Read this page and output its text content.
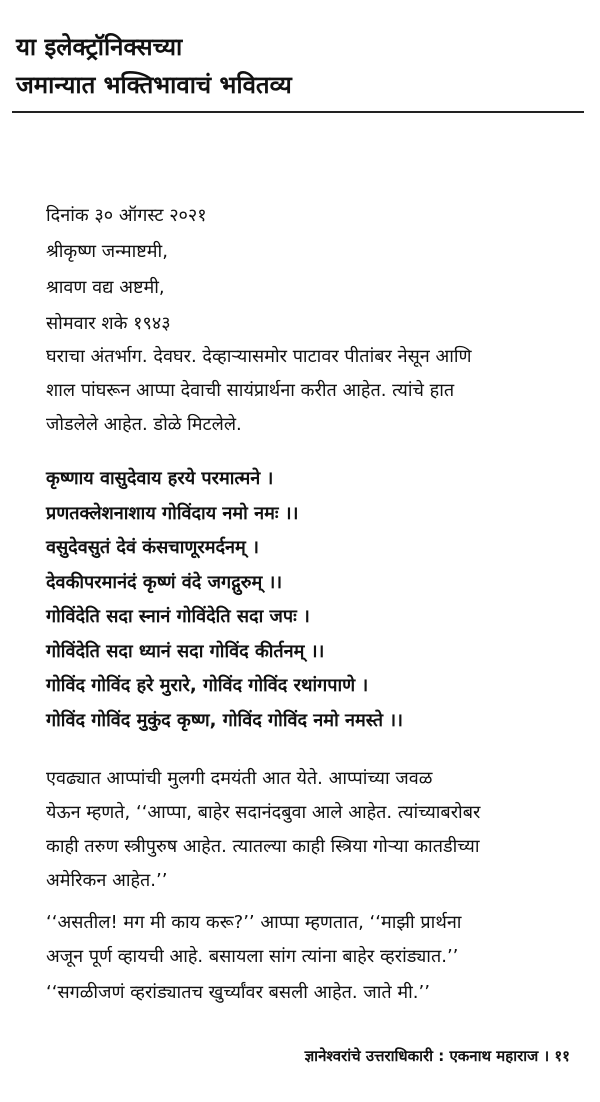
या इलेक्ट्रॉनिक्सच्या
जमान्यात भक्तिभावाचं भवितव्य
दिनांक ३० ऑगस्ट २०२१
श्रीकृष्ण जन्माष्टमी,
श्रावण वद्य अष्टमी,
सोमवार शके १९४३
घराचा अंतर्भाग. देवघर. देव्हाऱ्यासमोर पाटावर पीतांबर नेसून आणि
शाल पांघरून आप्पा देवाची सायंप्रार्थना करीत आहेत. त्यांचे हात
जोडलेले आहेत. डोळे मिटलेले.
कृष्णाय वासुदेवाय हरये परमात्मने ।
प्रणतक्लेशनाशाय गोविंदाय नमो नमः ।।
वसुदेवसुतं देवं कंसचाणूरमर्दनम् ।
देवकीपरमानंदं कृष्णं वंदे जगद्गुरुम् ।।
गोविंदेति सदा स्नानं गोविंदेति सदा जपः ।
गोविंदेति सदा ध्यानं सदा गोविंद कीर्तनम् ।।
गोविंद गोविंद हरे मुरारे, गोविंद गोविंद रथांगपाणे ।
गोविंद गोविंद मुकुंद कृष्ण, गोविंद गोविंद नमो नमस्ते ।।
एवढ्यात आप्पांची मुलगी दमयंती आत येते. आप्पांच्या जवळ
येऊन म्हणते, ‘‘आप्पा, बाहेर सदानंदबुवा आले आहेत. त्यांच्याबरोबर
काही तरुण स्त्रीपुरुष आहेत. त्यातल्या काही स्त्रिया गोऱ्या कातडीच्या
अमेरिकन आहेत.’’
‘‘असतील! मग मी काय करू?’’ आप्पा म्हणतात, ‘‘माझी प्रार्थना
अजून पूर्ण व्हायची आहे. बसायला सांग त्यांना बाहेर व्हरांड्यात.’’
‘‘सगळीजणं व्हरांड्यातच खुर्च्यांवर बसली आहेत. जाते मी.’’
ज्ञानेश्वरांचे उत्तराधिकारी : एकनाथ महाराज । ११
